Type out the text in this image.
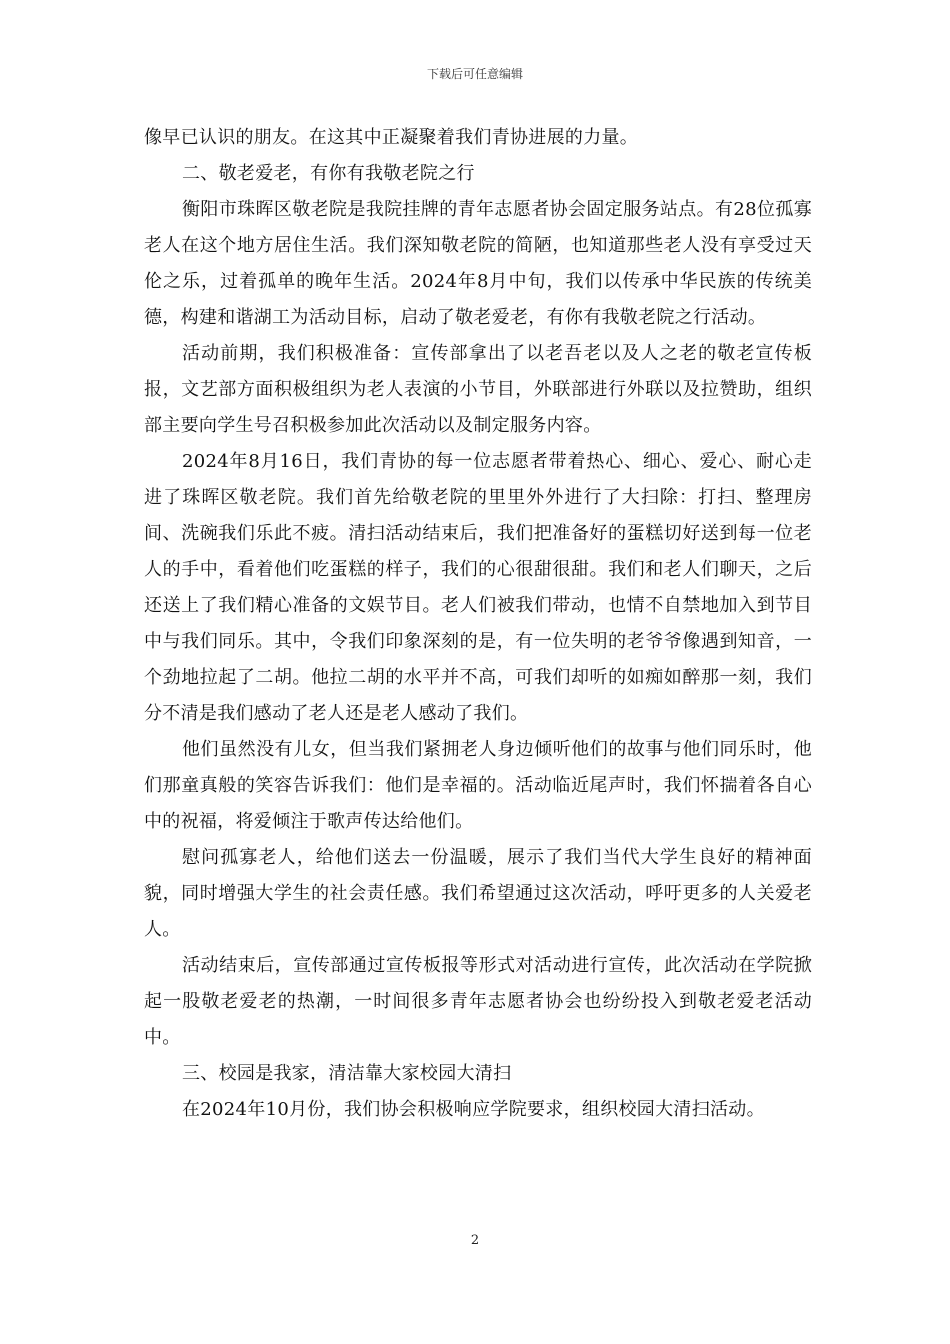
下载后可任意编辑

像早已认识的朋友。在这其中正凝聚着我们青协进展的力量。

二、敬老爱老，有你有我敬老院之行

衡阳市珠晖区敬老院是我院挂牌的青年志愿者协会固定服务站点。有28位孤寡老人在这个地方居住生活。我们深知敬老院的简陋，也知道那些老人没有享受过天伦之乐，过着孤单的晚年生活。2024年8月中旬，我们以传承中华民族的传统美德，构建和谐湖工为活动目标，启动了敬老爱老，有你有我敬老院之行活动。

活动前期，我们积极准备：宣传部拿出了以老吾老以及人之老的敬老宣传板报，文艺部方面积极组织为老人表演的小节目，外联部进行外联以及拉赞助，组织部主要向学生号召积极参加此次活动以及制定服务内容。

2024年8月16日，我们青协的每一位志愿者带着热心、细心、爱心、耐心走进了珠晖区敬老院。我们首先给敬老院的里里外外进行了大扫除：打扫、整理房间、洗碗我们乐此不疲。清扫活动结束后，我们把准备好的蛋糕切好送到每一位老人的手中，看着他们吃蛋糕的样子，我们的心很甜很甜。我们和老人们聊天，之后还送上了我们精心准备的文娱节目。老人们被我们带动，也情不自禁地加入到节目中与我们同乐。其中，令我们印象深刻的是，有一位失明的老爷爷像遇到知音，一个劲地拉起了二胡。他拉二胡的水平并不高，可我们却听的如痴如醉那一刻，我们分不清是我们感动了老人还是老人感动了我们。

他们虽然没有儿女，但当我们紧拥老人身边倾听他们的故事与他们同乐时，他们那童真般的笑容告诉我们：他们是幸福的。活动临近尾声时，我们怀揣着各自心中的祝福，将爱倾注于歌声传达给他们。

慰问孤寡老人，给他们送去一份温暖，展示了我们当代大学生良好的精神面貌，同时增强大学生的社会责任感。我们希望通过这次活动，呼吁更多的人关爱老人。

活动结束后，宣传部通过宣传板报等形式对活动进行宣传，此次活动在学院掀起一股敬老爱老的热潮，一时间很多青年志愿者协会也纷纷投入到敬老爱老活动中。

三、校园是我家，清洁靠大家校园大清扫

在2024年10月份，我们协会积极响应学院要求，组织校园大清扫活动。

2
